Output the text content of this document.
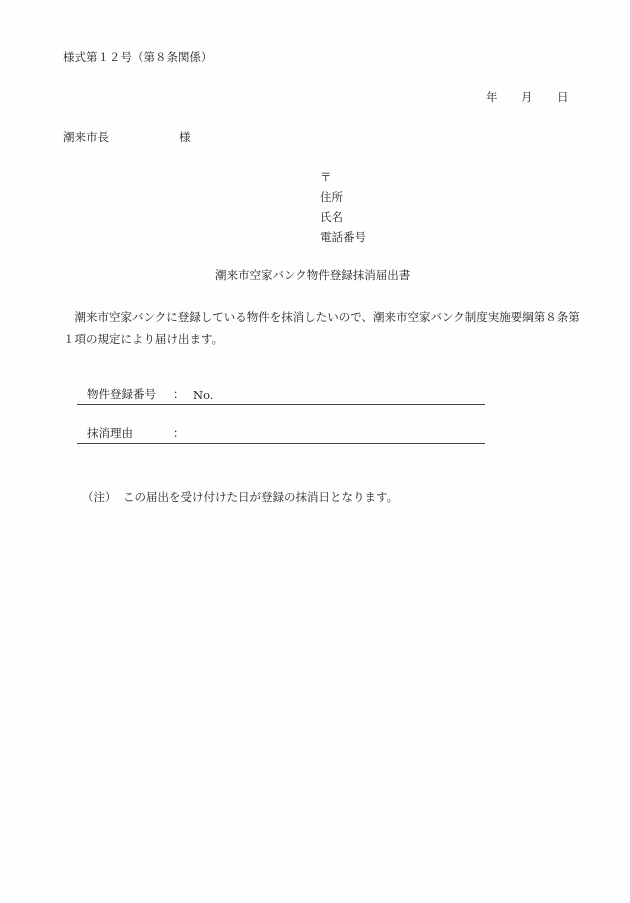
様式第１２号（第８条関係）
年 月 日
潮来市長	様
〒
住所
氏名
電話番号
潮来市空家バンク物件登録抹消届出書
　潮来市空家バンクに登録している物件を抹消したいので、潮来市空家バンク制度実施要綱第８条第１項の規定により届け出ます。
物件登録番号 ： No.
抹消理由	：
（注） この届出を受け付けた日が登録の抹消日となります。
